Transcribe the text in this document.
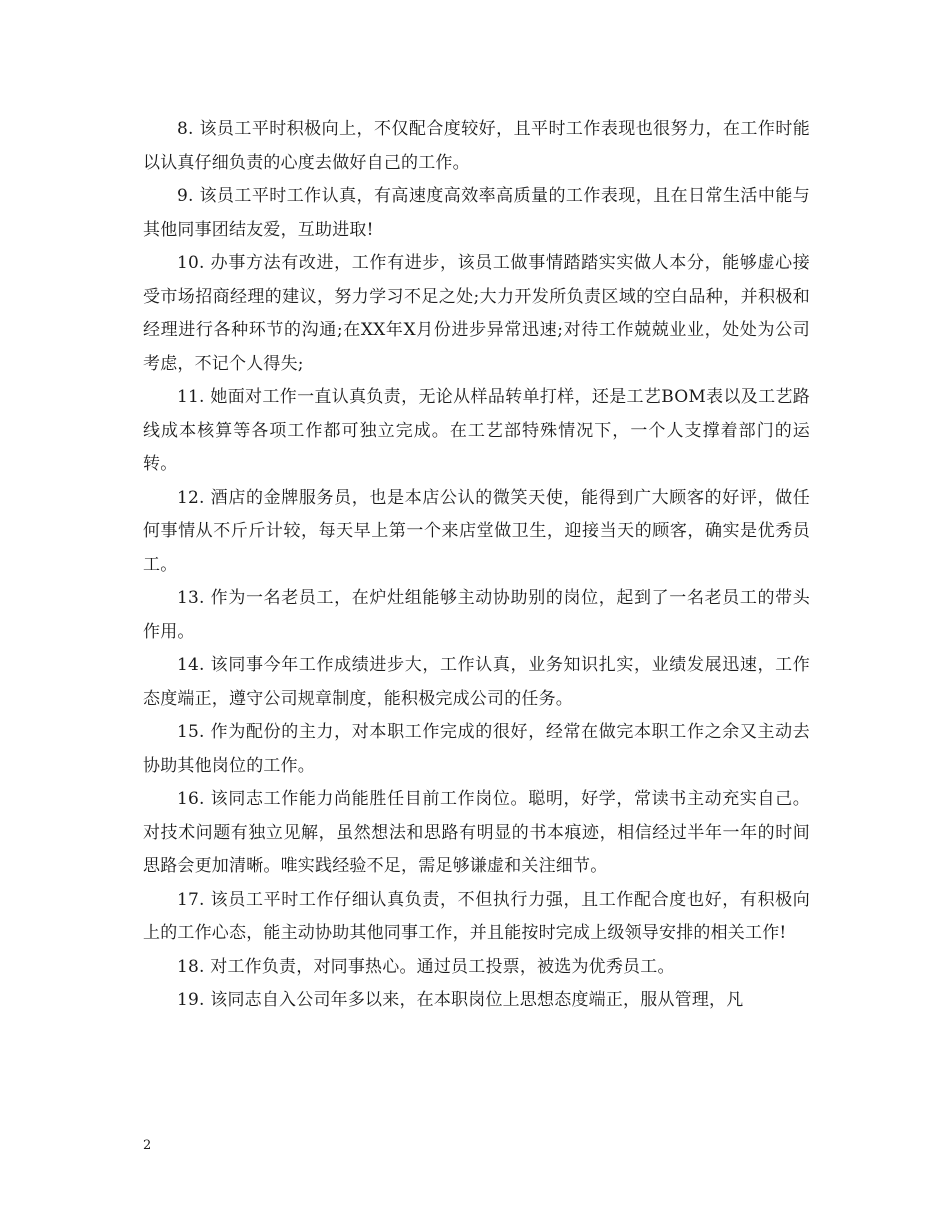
8. 该员工平时积极向上，不仅配合度较好，且平时工作表现也很努力，在工作时能以认真仔细负责的心度去做好自己的工作。

9. 该员工平时工作认真，有高速度高效率高质量的工作表现，且在日常生活中能与其他同事团结友爱，互助进取!

10. 办事方法有改进，工作有进步，该员工做事情踏踏实实做人本分，能够虚心接受市场招商经理的建议，努力学习不足之处;大力开发所负责区域的空白品种，并积极和经理进行各种环节的沟通;在XX年X月份进步异常迅速;对待工作兢兢业业，处处为公司考虑，不记个人得失;

11. 她面对工作一直认真负责，无论从样品转单打样，还是工艺BOM表以及工艺路线成本核算等各项工作都可独立完成。在工艺部特殊情况下，一个人支撑着部门的运转。

12. 酒店的金牌服务员，也是本店公认的微笑天使，能得到广大顾客的好评，做任何事情从不斤斤计较，每天早上第一个来店堂做卫生，迎接当天的顾客，确实是优秀员工。

13. 作为一名老员工，在炉灶组能够主动协助别的岗位，起到了一名老员工的带头作用。

14. 该同事今年工作成绩进步大，工作认真，业务知识扎实，业绩发展迅速，工作态度端正，遵守公司规章制度，能积极完成公司的任务。

15. 作为配份的主力，对本职工作完成的很好，经常在做完本职工作之余又主动去协助其他岗位的工作。

16. 该同志工作能力尚能胜任目前工作岗位。聪明，好学，常读书主动充实自己。对技术问题有独立见解，虽然想法和思路有明显的书本痕迹，相信经过半年一年的时间思路会更加清晰。唯实践经验不足，需足够谦虚和关注细节。

17. 该员工平时工作仔细认真负责，不但执行力强，且工作配合度也好，有积极向上的工作心态，能主动协助其他同事工作，并且能按时完成上级领导安排的相关工作!

18. 对工作负责，对同事热心。通过员工投票，被选为优秀员工。

19. 该同志自入公司年多以来，在本职岗位上思想态度端正，服从管理，凡

2
